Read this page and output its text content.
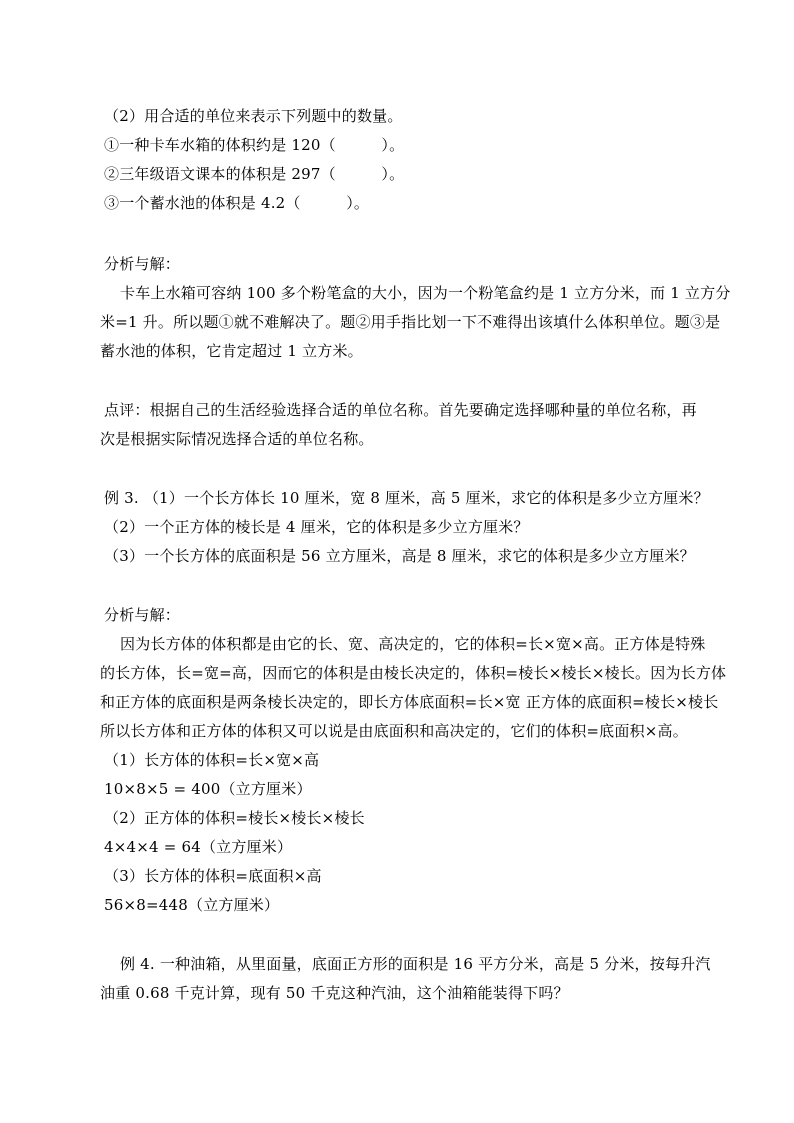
（2）用合适的单位来表示下列题中的数量。
①一种卡车水箱的体积约是 120（　　　）。
②三年级语文课本的体积是 297（　　　）。
③一个蓄水池的体积是 4.2（　　　）。
分析与解：
卡车上水箱可容纳 100 多个粉笔盒的大小，因为一个粉笔盒约是 1 立方分米，而 1 立方分
米=1 升。所以题①就不难解决了。题②用手指比划一下不难得出该填什么体积单位。题③是
蓄水池的体积，它肯定超过 1 立方米。
点评：根据自己的生活经验选择合适的单位名称。首先要确定选择哪种量的单位名称，再
次是根据实际情况选择合适的单位名称。
例 3. （1）一个长方体长 10 厘米，宽 8 厘米，高 5 厘米，求它的体积是多少立方厘米？
（2）一个正方体的棱长是 4 厘米，它的体积是多少立方厘米？
（3）一个长方体的底面积是 56 立方厘米，高是 8 厘米，求它的体积是多少立方厘米？
分析与解：
因为长方体的体积都是由它的长、宽、高决定的，它的体积=长×宽×高。正方体是特殊
的长方体，长=宽=高，因而它的体积是由棱长决定的，体积=棱长×棱长×棱长。因为长方体
和正方体的底面积是两条棱长决定的，即长方体底面积=长×宽 正方体的底面积=棱长×棱长
所以长方体和正方体的体积又可以说是由底面积和高决定的，它们的体积=底面积×高。
（1）长方体的体积=长×宽×高
10×8×5 = 400（立方厘米）
（2）正方体的体积=棱长×棱长×棱长
4×4×4 = 64（立方厘米）
（3）长方体的体积=底面积×高
56×8=448（立方厘米）
例 4. 一种油箱，从里面量，底面正方形的面积是 16 平方分米，高是 5 分米，按每升汽
油重 0.68 千克计算，现有 50 千克这种汽油，这个油箱能装得下吗？
